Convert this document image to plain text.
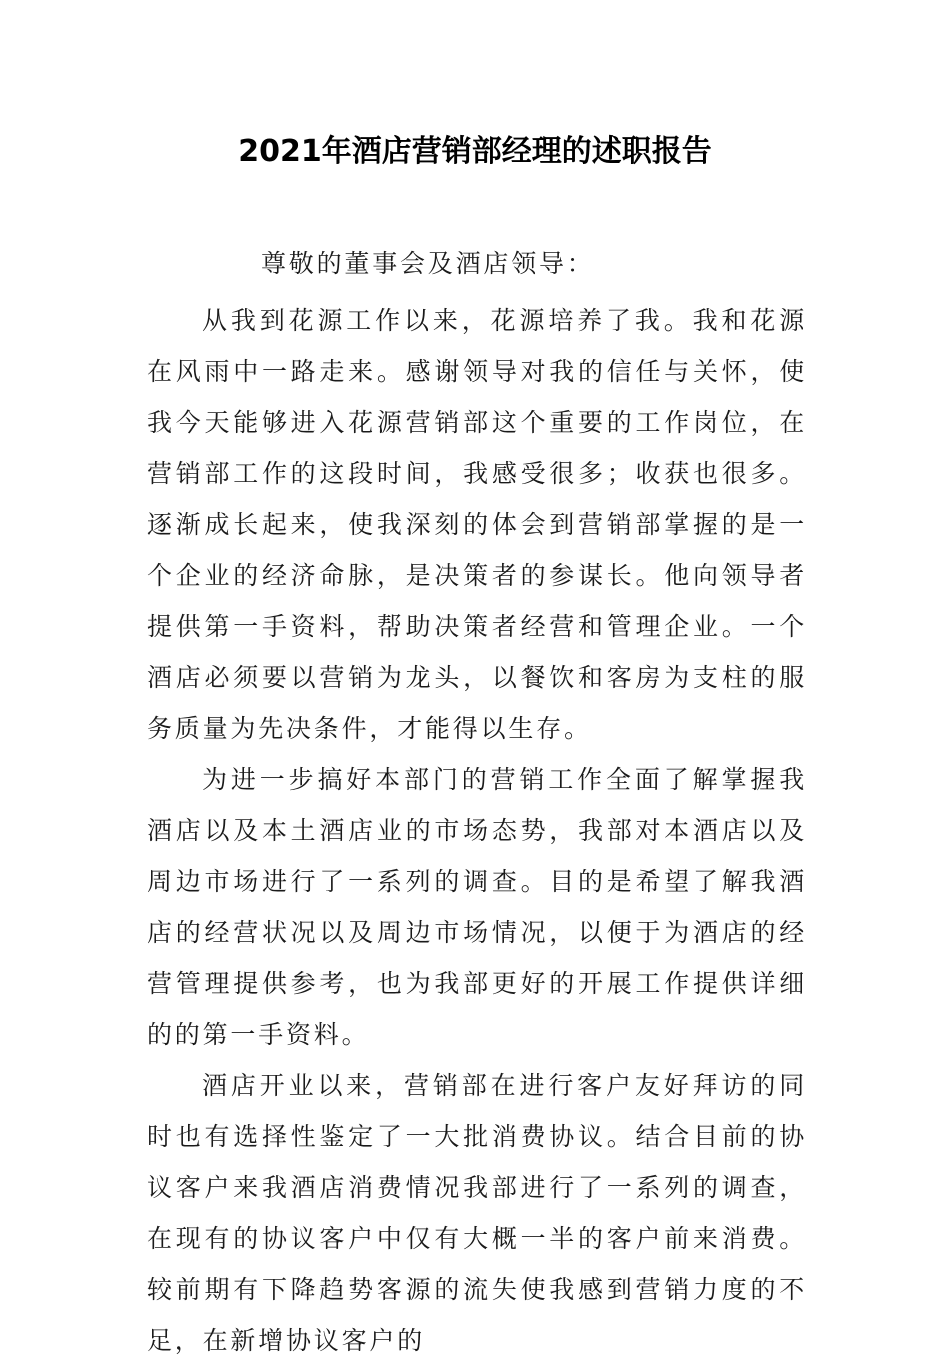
2021年酒店营销部经理的述职报告

尊敬的董事会及酒店领导：

从我到花源工作以来，花源培养了我。我和花源在风雨中一路走来。感谢领导对我的信任与关怀，使我今天能够进入花源营销部这个重要的工作岗位，在营销部工作的这段时间，我感受很多；收获也很多。逐渐成长起来，使我深刻的体会到营销部掌握的是一个企业的经济命脉，是决策者的参谋长。他向领导者提供第一手资料，帮助决策者经营和管理企业。一个酒店必须要以营销为龙头，以餐饮和客房为支柱的服务质量为先决条件，才能得以生存。

为进一步搞好本部门的营销工作全面了解掌握我酒店以及本土酒店业的市场态势，我部对本酒店以及周边市场进行了一系列的调查。目的是希望了解我酒店的经营状况以及周边市场情况，以便于为酒店的经营管理提供参考，也为我部更好的开展工作提供详细的的第一手资料。

酒店开业以来，营销部在进行客户友好拜访的同时也有选择性鉴定了一大批消费协议。结合目前的协议客户来我酒店消费情况我部进行了一系列的调查，在现有的协议客户中仅有大概一半的客户前来消费。较前期有下降趋势客源的流失使我感到营销力度的不足，在新增协议客户的
